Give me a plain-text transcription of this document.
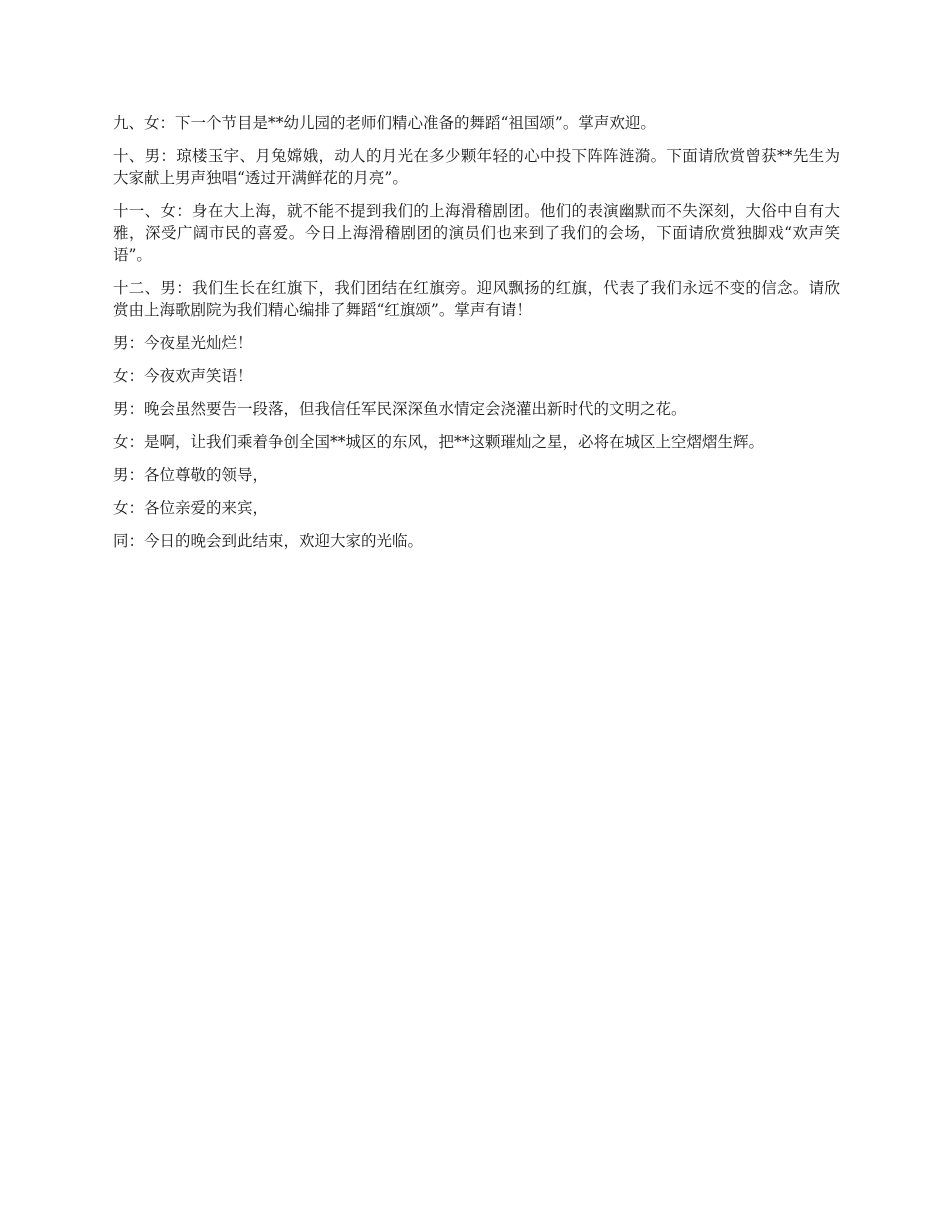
九、女：下一个节目是**幼儿园的老师们精心准备的舞蹈“祖国颂”。掌声欢迎。

十、男：琼楼玉宇、月兔嫦娥，动人的月光在多少颗年轻的心中投下阵阵涟漪。下面请欣赏曾获**先生为大家献上男声独唱“透过开满鲜花的月亮”。

十一、女：身在大上海，就不能不提到我们的上海滑稽剧团。他们的表演幽默而不失深刻，大俗中自有大雅，深受广阔市民的喜爱。今日上海滑稽剧团的演员们也来到了我们的会场，下面请欣赏独脚戏“欢声笑语”。

十二、男：我们生长在红旗下，我们团结在红旗旁。迎风飘扬的红旗，代表了我们永远不变的信念。请欣赏由上海歌剧院为我们精心编排了舞蹈“红旗颂”。掌声有请！

男：今夜星光灿烂！

女：今夜欢声笑语！

男：晚会虽然要告一段落，但我信任军民深深鱼水情定会浇灌出新时代的文明之花。

女：是啊，让我们乘着争创全国**城区的东风，把**这颗璀灿之星，必将在城区上空熠熠生辉。

男：各位尊敬的领导，

女：各位亲爱的来宾，

同：今日的晚会到此结束，欢迎大家的光临。
